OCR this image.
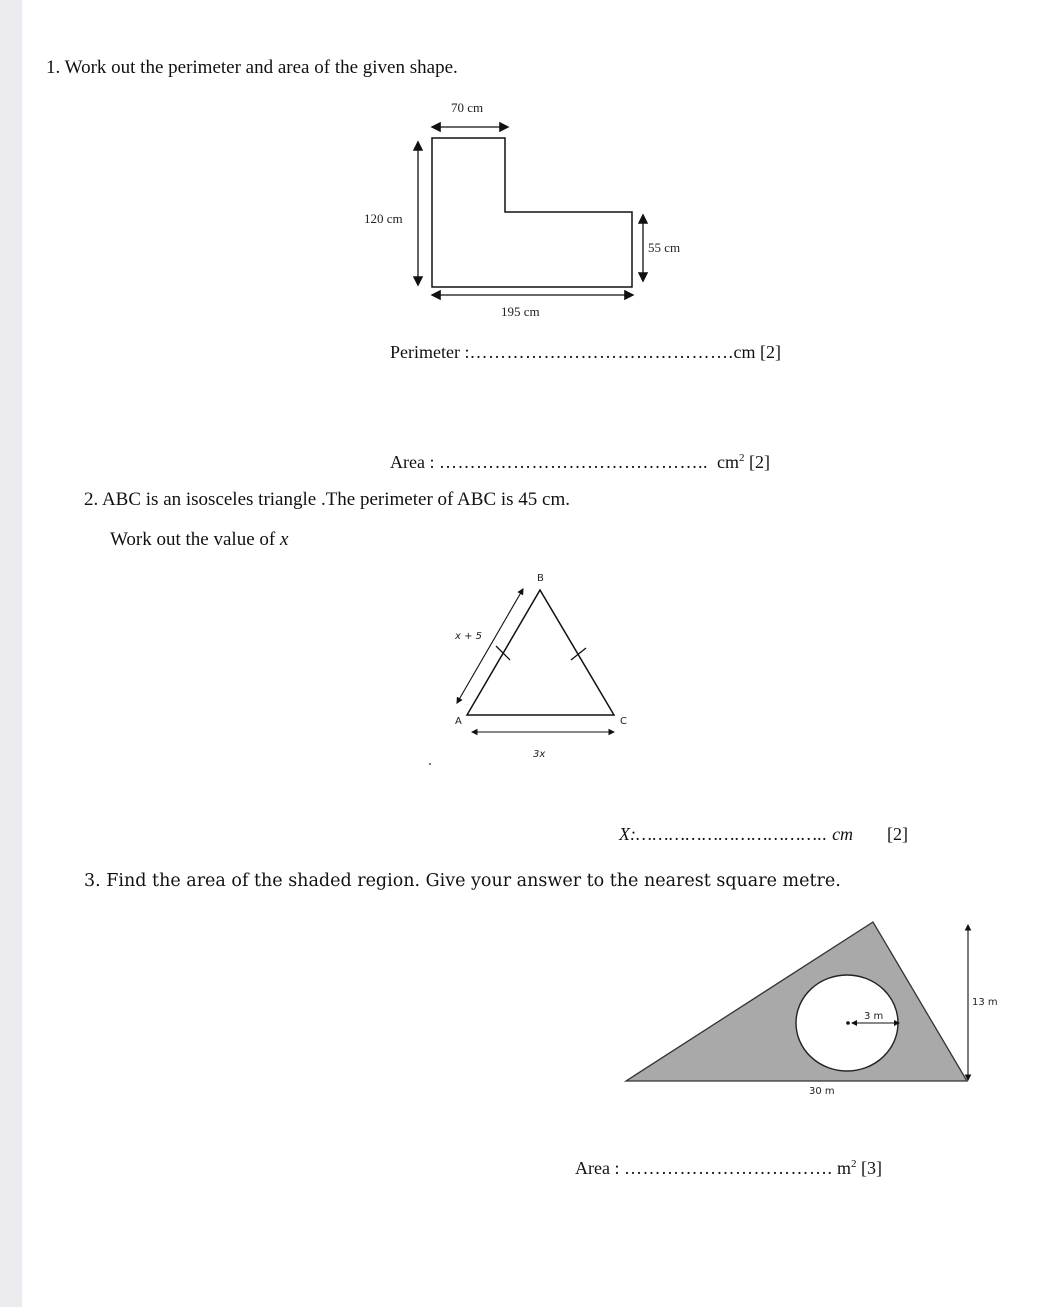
1. Work out the perimeter and area of the given shape.
70 cm
120 cm
55 cm
195 cm
B
A	C
x + 5
3x
13 m
3 m
30 m
Perimeter :…………………………………….cm [2]
Area : …………………………………….. $cm^2$ [2]
2. ABC is an isosceles triangle .The perimeter of ABC is 45 cm.
Work out the value of x
X:…………………………….. cm [2]
3. Find the area of the shaded region. Give your answer to the nearest square metre.
Area : ……………………………. $m^2$ [3]
